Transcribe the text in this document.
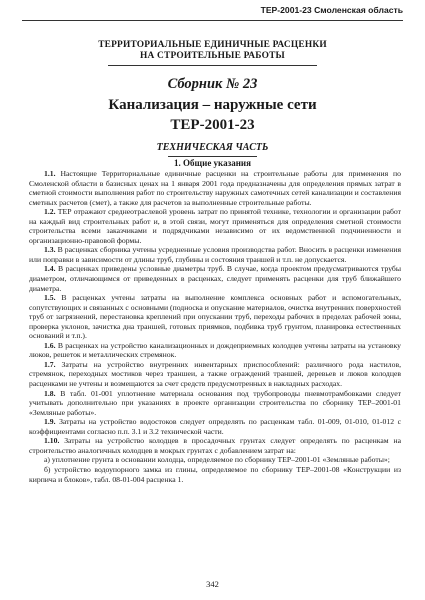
ТЕР-2001-23 Смоленская область
ТЕРРИТОРИАЛЬНЫЕ ЕДИНИЧНЫЕ РАСЦЕНКИ
НА СТРОИТЕЛЬНЫЕ РАБОТЫ
Сборник № 23
Канализация – наружные сети
ТЕР-2001-23
ТЕХНИЧЕСКАЯ ЧАСТЬ
1. Общие указания

1.1. Настоящие Территориальные единичные расценки на строительные работы для применения по Смоленской области в базисных ценах на 1 января 2001 года предназначены для определения прямых затрат в сметной стоимости выполнения работ по строительству наружных самотечных сетей канализации и составления сметных расчетов (смет), а также для расчетов за выполненные строительные работы.

1.2. ТЕР отражают среднеотраслевой уровень затрат по принятой технике, технологии и организации работ на каждый вид строительных работ и, в этой связи, могут применяться для определения сметной стоимости строительства всеми заказчиками и подрядчиками независимо от их ведомственной подчиненности и организационно-правовой формы.

1.3. В расценках сборника учтены усредненные условия производства работ. Вносить в расценки изменения или поправки в зависимости от длины труб, глубины и состояния траншей и т.п. не допускается.

1.4. В расценках приведены условные диаметры труб. В случае, когда проектом предусматриваются трубы диаметром, отличающимся от приведенных в расценках, следует применять расценки для труб ближайшего диаметра.

1.5. В расценках учтены затраты на выполнение комплекса основных работ и вспомогательных, сопутствующих и связанных с основными (подноска и опускание материалов, очистка внутренних поверхностей труб от загрязнений, перестановка креплений при опускании труб, переходы рабочих в пределах рабочей зоны, проверка уклонов, зачистка дна траншей, готовых приямков, подбивка труб грунтом, планировка естественных оснований и т.п.).

1.6. В расценках на устройство канализационных и дождеприемных колодцев учтены затраты на установку люков, решеток и металлических стремянок.

1.7. Затраты на устройство внутренних инвентарных приспособлений: различного рода настилов, стремянок, переходных мостиков через траншеи, а также ограждений траншей, деревьев и люков колодцев расценками не учтены и возмещаются за счет средств предусмотренных в накладных расходах.

1.8. В табл. 01-001 уплотнение материала основания под трубопроводы пневмотрамбовками следует учитывать дополнительно при указаниях в проекте организации строительства по сборнику ТЕР–2001-01 «Земляные работы».

1.9. Затраты на устройство водостоков следует определять по расценкам табл. 01-009, 01-010, 01-012 с коэффициентами согласно п.п. 3.1 и 3.2 технической части.

1.10. Затраты на устройство колодцев в просадочных грунтах следует определять по расценкам на строительство аналогичных колодцев в мокрых грунтах с добавлением затрат на:

а) уплотнение грунта в основании колодца, определяемое по сборнику ТЕР–2001-01 «Земляные работы»;

б) устройство водоупорного замка из глины, определяемое по сборнику ТЕР–2001-08 «Конструкции из кирпича и блоков», табл. 08-01-004 расценка 1.

342
